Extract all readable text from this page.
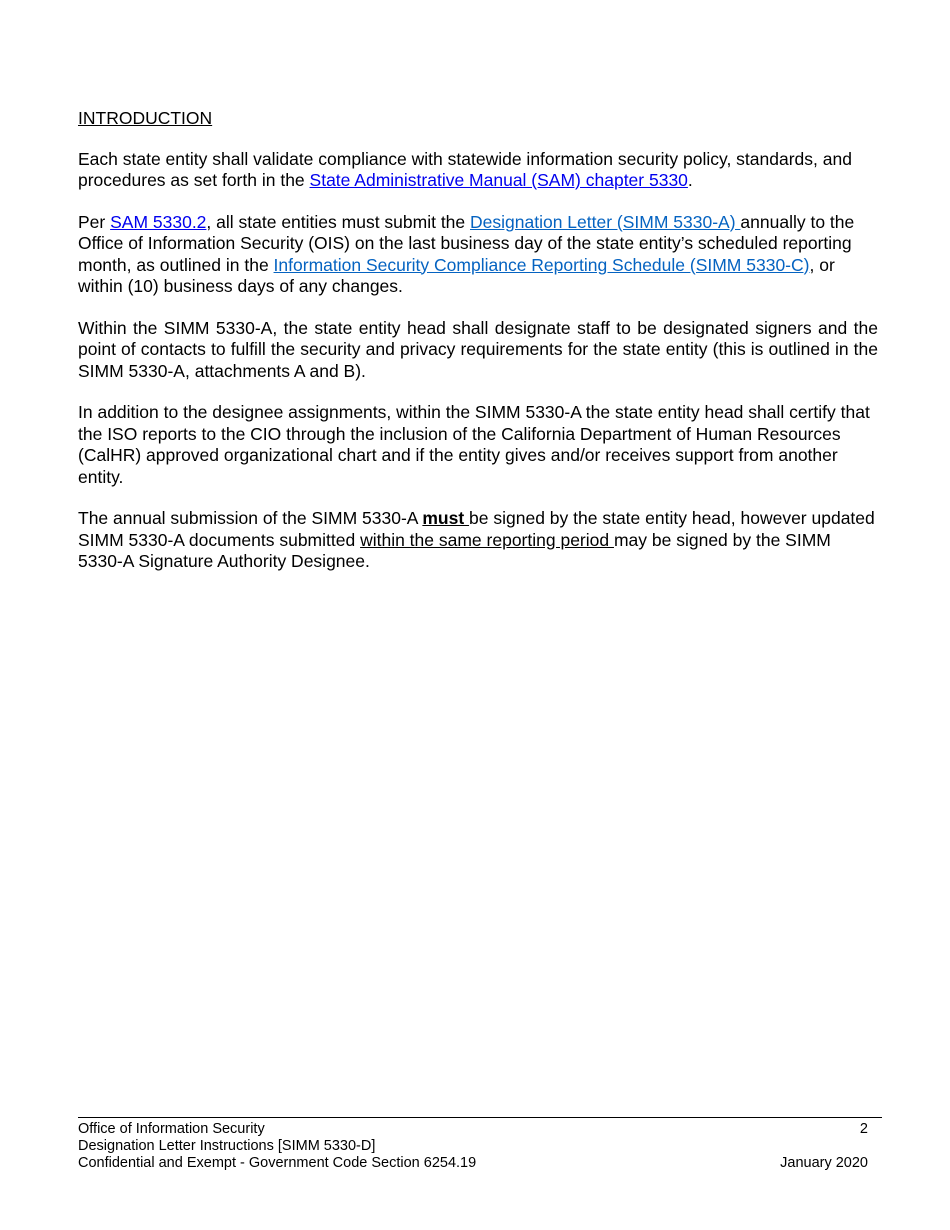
INTRODUCTION

Each state entity shall validate compliance with statewide information security policy, standards, and procedures as set forth in the State Administrative Manual (SAM) chapter 5330.

Per SAM 5330.2, all state entities must submit the Designation Letter (SIMM 5330-A) annually to the Office of Information Security (OIS) on the last business day of the state entity’s scheduled reporting month, as outlined in the Information Security Compliance Reporting Schedule (SIMM 5330-C), or within (10) business days of any changes.

Within the SIMM 5330-A, the state entity head shall designate staff to be designated signers and the point of contacts to fulfill the security and privacy requirements for the state entity (this is outlined in the SIMM 5330-A, attachments A and B).

In addition to the designee assignments, within the SIMM 5330-A the state entity head shall certify that the ISO reports to the CIO through the inclusion of the California Department of Human Resources (CalHR) approved organizational chart and if the entity gives and/or receives support from another entity.

The annual submission of the SIMM 5330-A must be signed by the state entity head, however updated SIMM 5330-A documents submitted within the same reporting period may be signed by the SIMM 5330-A Signature Authority Designee.

Office of Information Security	2
Designation Letter Instructions [SIMM 5330-D]
Confidential and Exempt - Government Code Section 6254.19	January 2020
